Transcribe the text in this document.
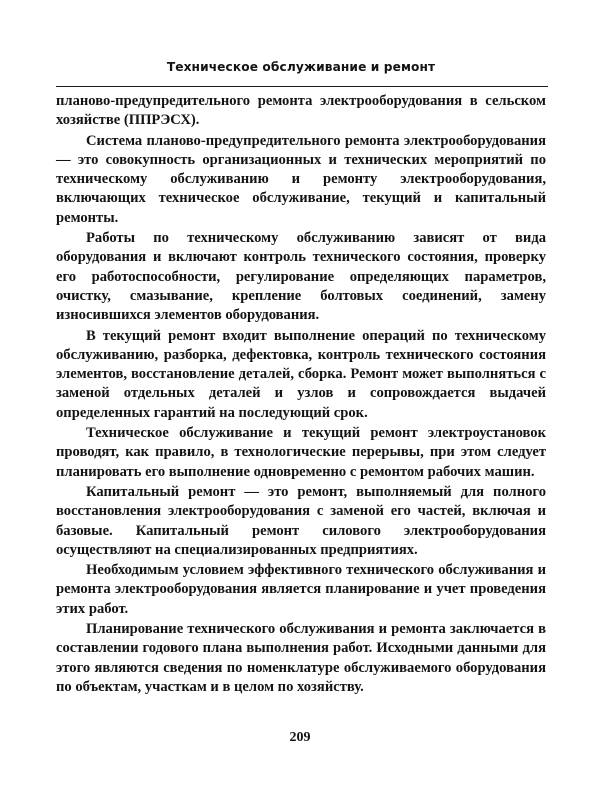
Техническое обслуживание и ремонт

планово-предупредительного ремонта электрооборудования в сельском хозяйстве (ППРЭСХ).

Система планово-предупредительного ремонта электрооборудования — это совокупность организационных и технических мероприятий по техническому обслуживанию и ремонту электрооборудования, включающих техническое обслуживание, текущий и капитальный ремонты.

Работы по техническому обслуживанию зависят от вида оборудования и включают контроль технического состояния, проверку его работоспособности, регулирование определяющих параметров, очистку, смазывание, крепление болтовых соединений, замену износившихся элементов оборудования.

В текущий ремонт входит выполнение операций по техническому обслуживанию, разборка, дефектовка, контроль технического состояния элементов, восстановление деталей, сборка. Ремонт может выполняться с заменой отдельных деталей и узлов и сопровождается выдачей определенных гарантий на последующий срок.

Техническое обслуживание и текущий ремонт электроустановок проводят, как правило, в технологические перерывы, при этом следует планировать его выполнение одновременно с ремонтом рабочих машин.

Капитальный ремонт — это ремонт, выполняемый для полного восстановления электрооборудования с заменой его частей, включая и базовые. Капитальный ремонт силового электрооборудования осуществляют на специализированных предприятиях.

Необходимым условием эффективного технического обслуживания и ремонта электрооборудования является планирование и учет проведения этих работ.

Планирование технического обслуживания и ремонта заключается в составлении годового плана выполнения работ. Исходными данными для этого являются сведения по номенклатуре обслуживаемого оборудования по объектам, участкам и в целом по хозяйству.

209
